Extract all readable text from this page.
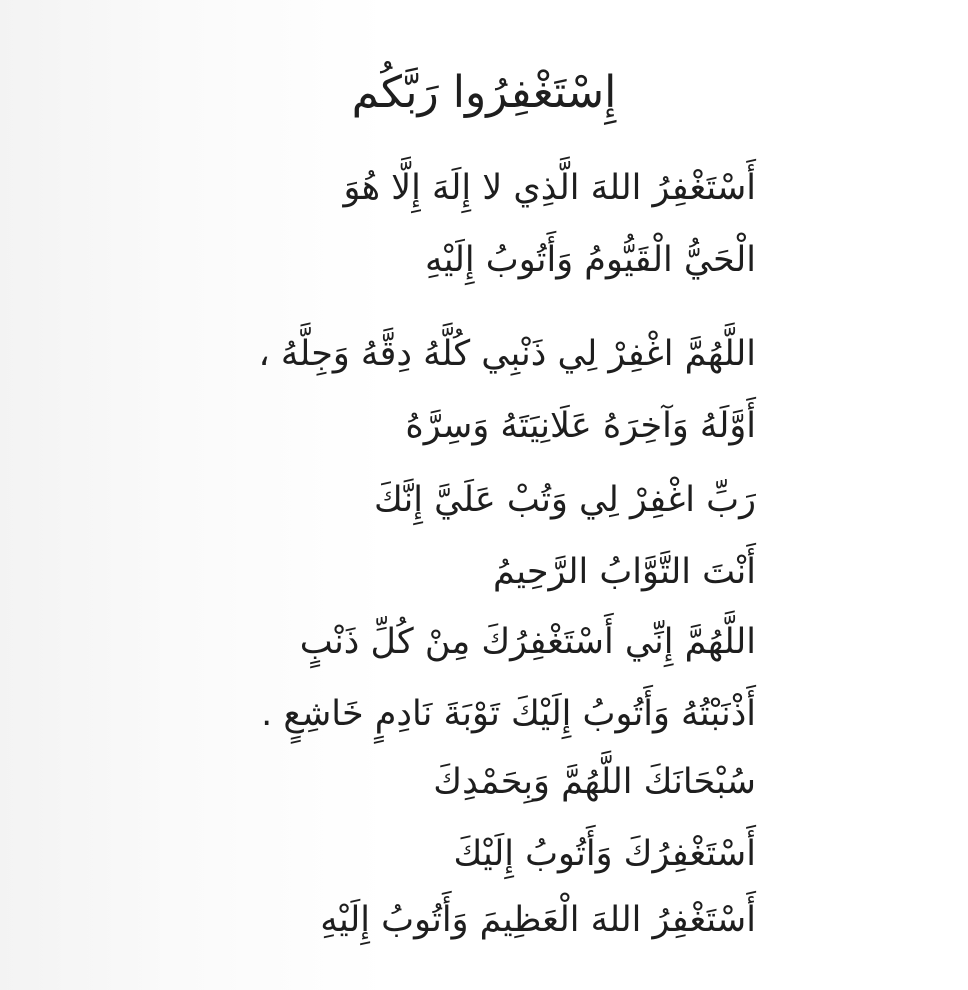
إِسْتَغْفِرُوا رَبَّكُم
أَسْتَغْفِرُ اللهَ الَّذِي لا إِلَهَ إِلَّا هُوَ
الْحَيُّ الْقَيُّومُ وَأَتُوبُ إِلَيْهِ
اللَّهُمَّ اغْفِرْ لِي ذَنْبِي كُلَّهُ دِقَّهُ وَجِلَّهُ ،
أَوَّلَهُ وَآخِرَهُ عَلَانِيَتَهُ وَسِرَّهُ
رَبِّ اغْفِرْ لِي وَتُبْ عَلَيَّ إِنَّكَ
أَنْتَ التَّوَّابُ الرَّحِيمُ
اللَّهُمَّ إِنِّي أَسْتَغْفِرُكَ مِنْ كُلِّ ذَنْبٍ
أَذْنَبْتُهُ وَأَتُوبُ إِلَيْكَ تَوْبَةَ نَادِمٍ خَاشِعٍ .
سُبْحَانَكَ اللَّهُمَّ وَبِحَمْدِكَ
أَسْتَغْفِرُكَ وَأَتُوبُ إِلَيْكَ
أَسْتَغْفِرُ اللهَ الْعَظِيمَ وَأَتُوبُ إِلَيْهِ
